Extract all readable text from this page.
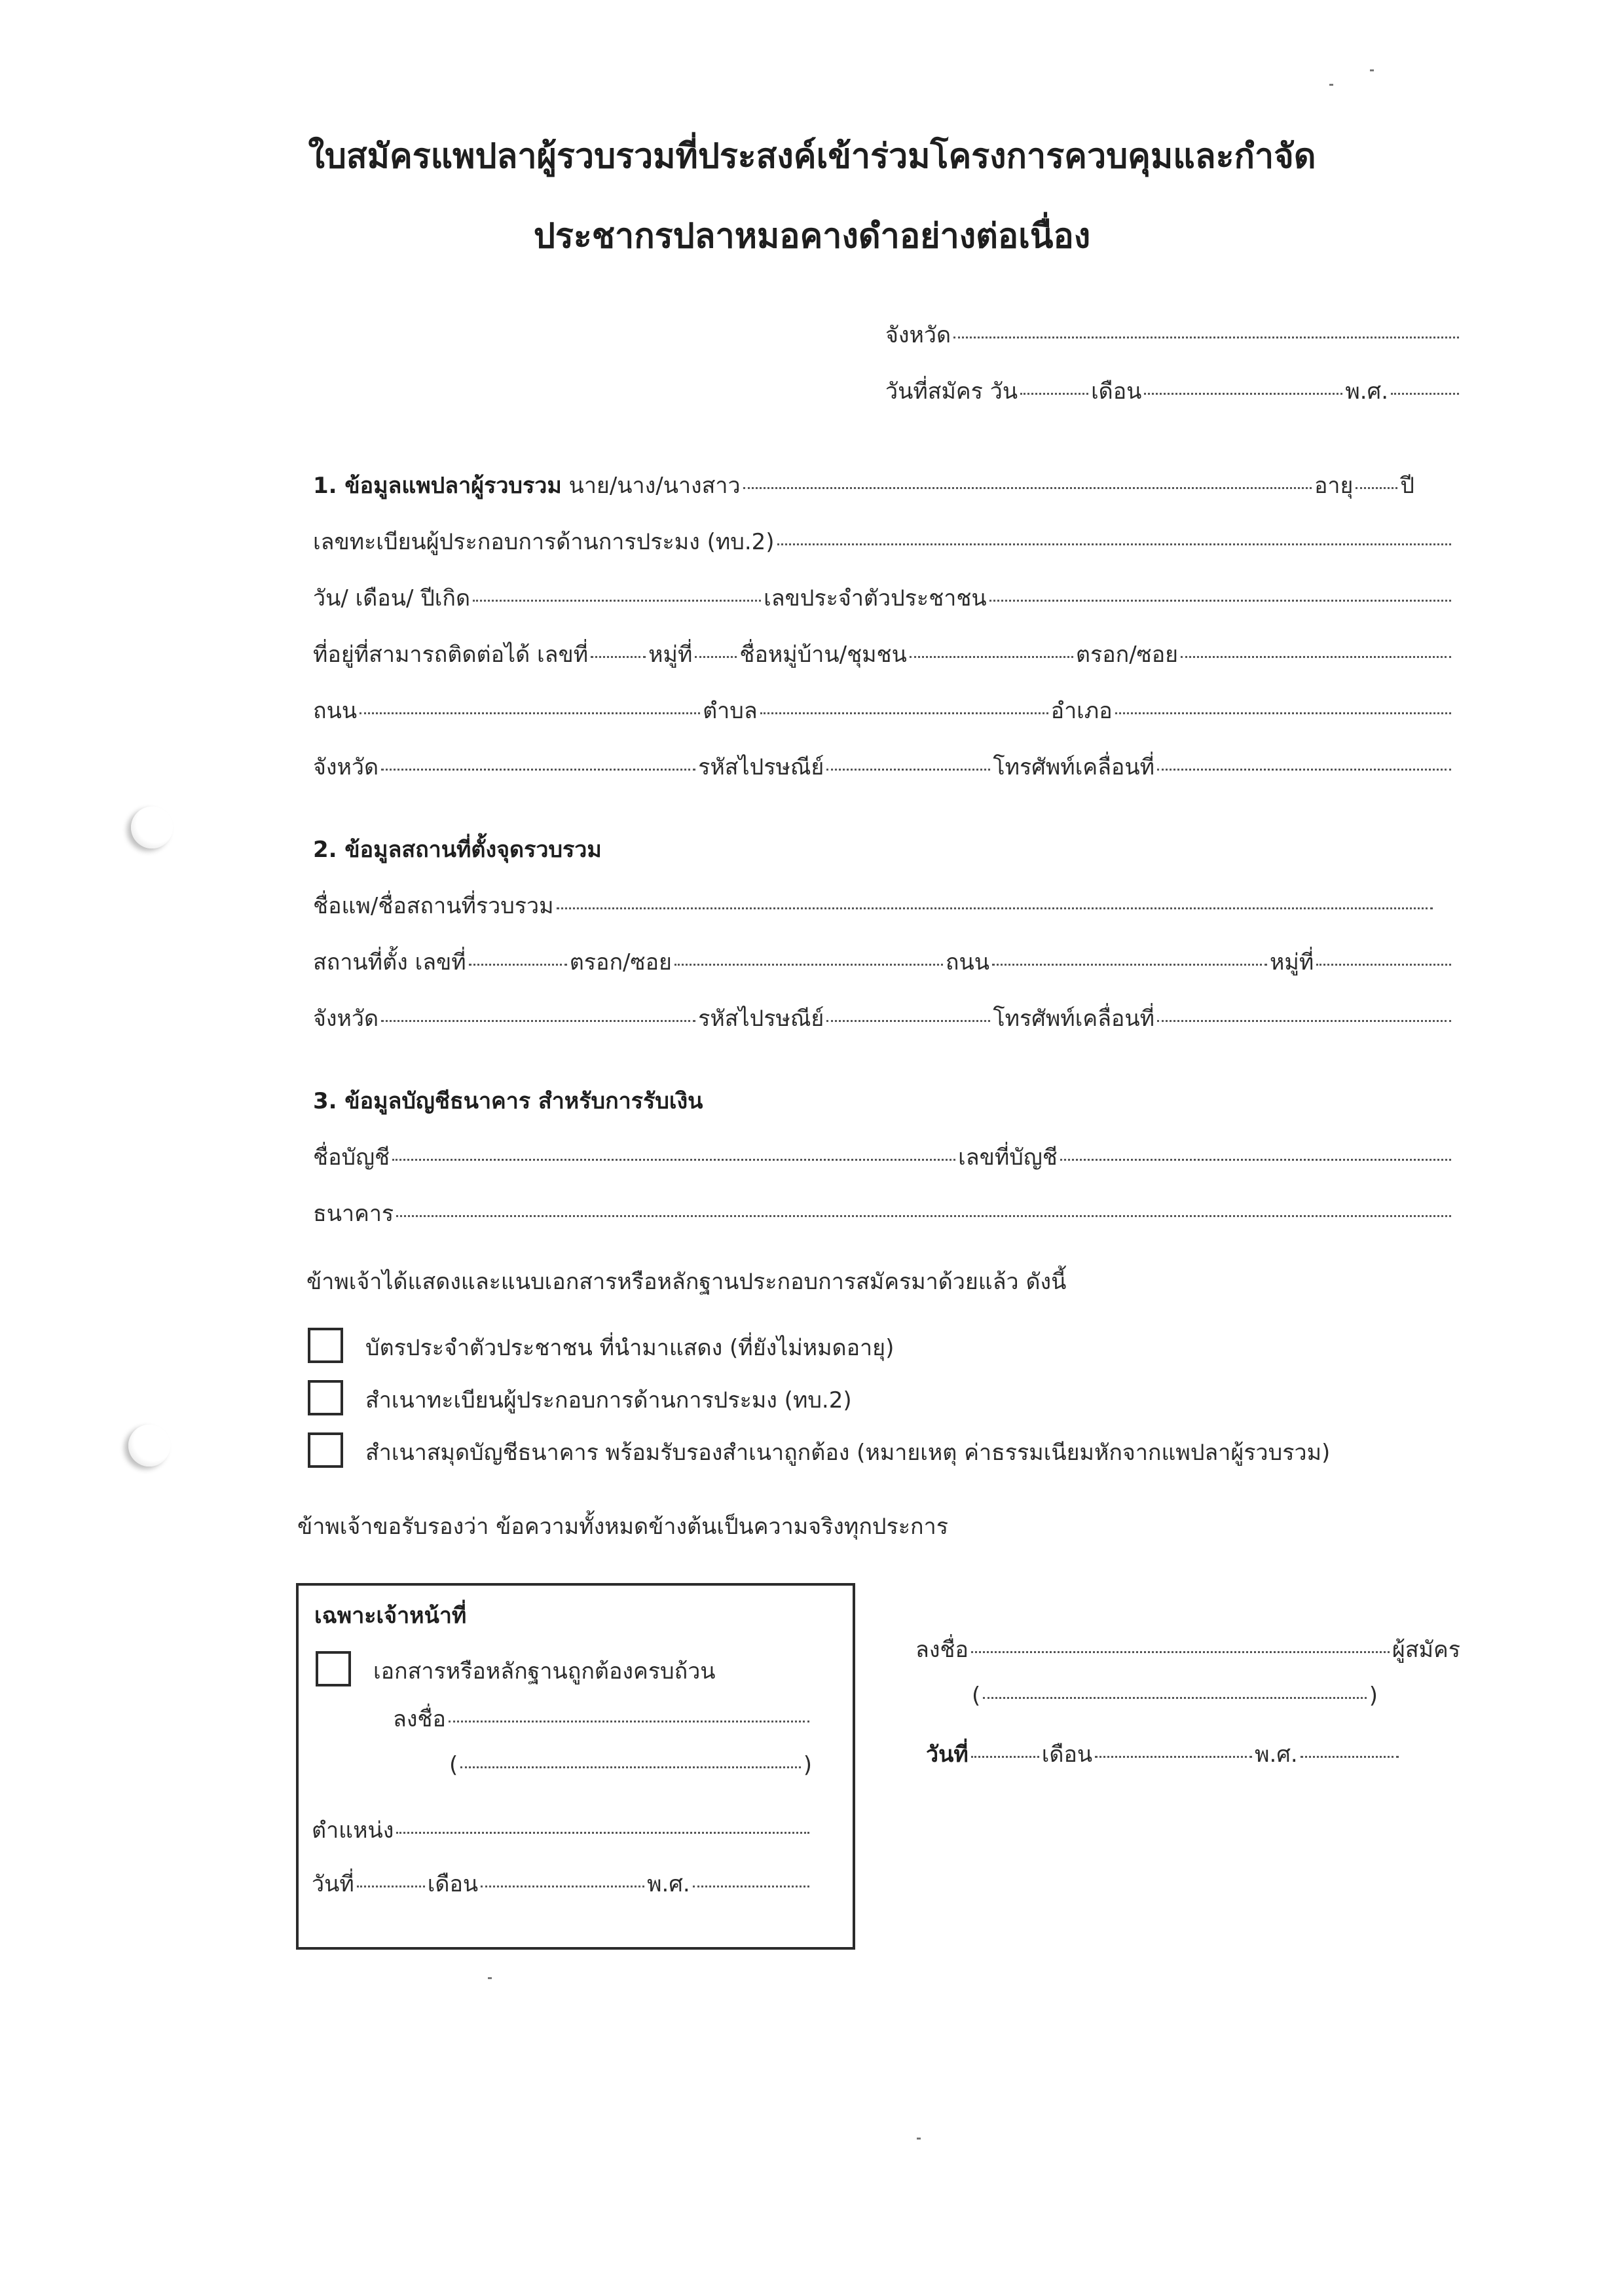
ใบสมัครแพปลาผู้รวบรวมที่ประสงค์เข้าร่วมโครงการควบคุมและกำจัด
ประชากรปลาหมอคางดำอย่างต่อเนื่อง
จังหวัด
วันที่สมัคร วัน	เดือน	พ.ศ.
1. ข้อมูลแพปลาผู้รวบรวม
นาย/นาง/นางสาว	อายุ ปี
เลขทะเบียนผู้ประกอบการด้านการประมง (ทบ.2)
วัน/ เดือน/ ปีเกิด	เลขประจำตัวประชาชน
ที่อยู่ที่สามารถติดต่อได้ เลขที่	หมู่ที่ ชื่อหมู่บ้าน/ชุมชน	ตรอก/ซอย
ถนน	ตำบล	อำเภอ
จังหวัด	รหัสไปรษณีย์	โทรศัพท์เคลื่อนที่
2. ข้อมูลสถานที่ตั้งจุดรวบรวม
ชื่อแพ/ชื่อสถานที่รวบรวม
สถานที่ตั้ง เลขที่	ตรอก/ซอย	ถนน	หมู่ที่
จังหวัด	รหัสไปรษณีย์	โทรศัพท์เคลื่อนที่
3. ข้อมูลบัญชีธนาคาร สำหรับการรับเงิน
ชื่อบัญชี	เลขที่บัญชี
ธนาคาร
ข้าพเจ้าได้แสดงและแนบเอกสารหรือหลักฐานประกอบการสมัครมาด้วยแล้ว ดังนี้
บัตรประจำตัวประชาชน ที่นำมาแสดง (ที่ยังไม่หมดอายุ)
สำเนาทะเบียนผู้ประกอบการด้านการประมง (ทบ.2)
สำเนาสมุดบัญชีธนาคาร พร้อมรับรองสำเนาถูกต้อง (หมายเหตุ ค่าธรรมเนียมหักจากแพปลาผู้รวบรวม)
ข้าพเจ้าขอรับรองว่า ข้อความทั้งหมดข้างต้นเป็นความจริงทุกประการ
เฉพาะเจ้าหน้าที่
เอกสารหรือหลักฐานถูกต้องครบถ้วน
ลงชื่อ
(	)
ตำแหน่ง
วันที่	เดือน	พ.ศ.
ลงชื่อ	ผู้สมัคร
(	)
วันที่	เดือน	พ.ศ.
